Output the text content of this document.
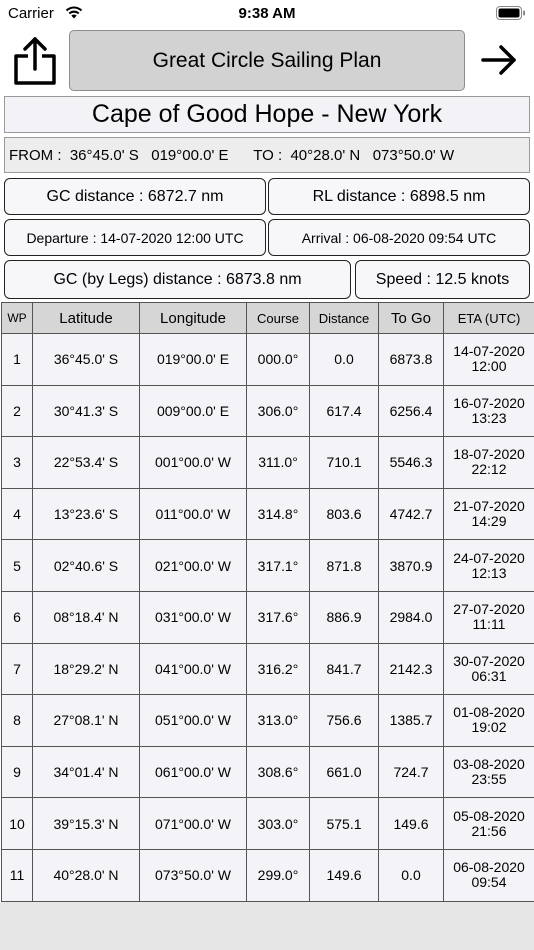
Carrier	9:38 AM
Great Circle Sailing Plan
Cape of Good Hope - New York
FROM :  36°45.0' S   019°00.0' E      TO :  40°28.0' N   073°50.0' W
GC distance : 6872.7 nm	RL distance : 6898.5 nm
Departure : 14-07-2020 12:00 UTC	Arrival : 06-08-2020 09:54 UTC
GC (by Legs) distance : 6873.8 nm	Speed : 12.5 knots
WP	Latitude	Longitude	Course	Distance	To Go	ETA (UTC)
1	36°45.0' S	019°00.0' E	000.0°	0.0	6873.8	14-07-2020
12:00
2	30°41.3' S	009°00.0' E	306.0°	617.4	6256.4	16-07-2020
13:23
3	22°53.4' S	001°00.0' W	311.0°	710.1	5546.3	18-07-2020
22:12
4	13°23.6' S	011°00.0' W	314.8°	803.6	4742.7	21-07-2020
14:29
5	02°40.6' S	021°00.0' W	317.1°	871.8	3870.9	24-07-2020
12:13
6	08°18.4' N	031°00.0' W	317.6°	886.9	2984.0	27-07-2020
11:11
7	18°29.2' N	041°00.0' W	316.2°	841.7	2142.3	30-07-2020
06:31
8	27°08.1' N	051°00.0' W	313.0°	756.6	1385.7	01-08-2020
19:02
9	34°01.4' N	061°00.0' W	308.6°	661.0	724.7	03-08-2020
23:55
10	39°15.3' N	071°00.0' W	303.0°	575.1	149.6	05-08-2020
21:56
11	40°28.0' N	073°50.0' W	299.0°	149.6	0.0	06-08-2020
09:54
